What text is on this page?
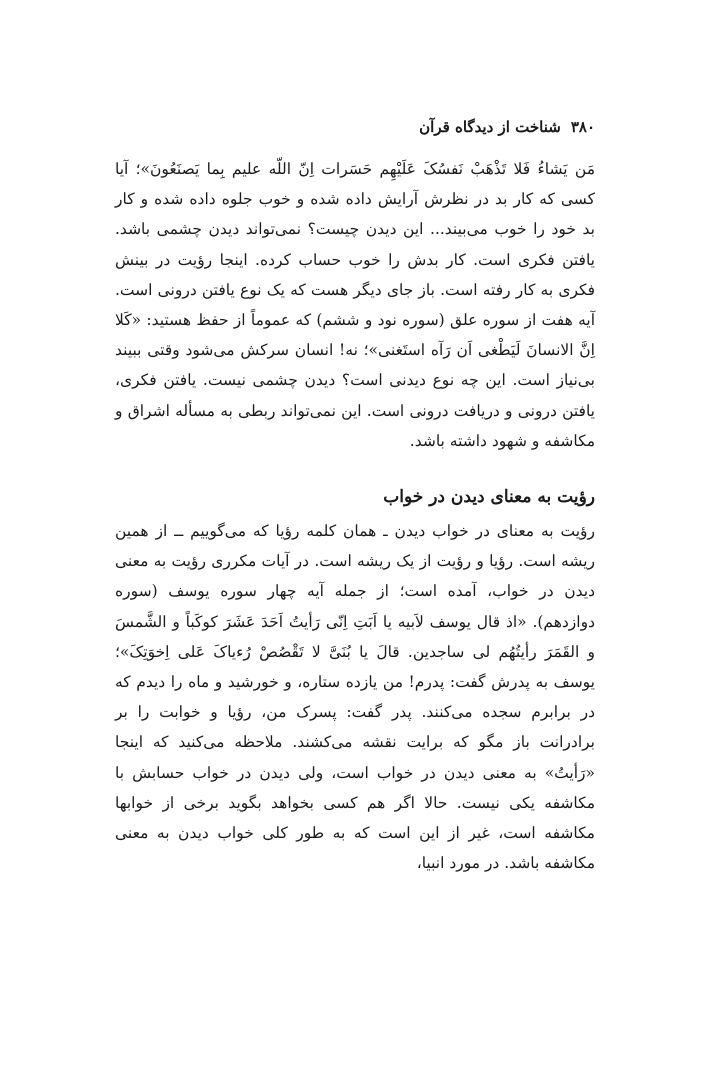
۳۸۰
شناخت از دیدگاه قرآن

مَن یَشاءُ فَلا تَذْهَبْ نَفسُکَ عَلَیْهِم حَسَرات اِنّ اللّه علیم بِما یَصنَعُونَ»؛ آیا کسی که کار بد در نظرش آرایش داده شده و خوب جلوه داده شده و کار بد خود را خوب می‌بیند... این دیدن چیست؟ نمی‌تواند دیدن چشمی باشد. یافتن فکری است. کار بدش را خوب حساب کرده. اینجا رؤیت در بینش فکری به کار رفته است. باز جای دیگر هست که یک نوع یافتن درونی است. آیه هفت از سوره علق (سوره نود و ششم) که عموماً از حفظ هستید: «کَلا اِنَّ الانسانَ لَیَطْغی اَن رَآه استَغنی»؛ نه! انسان سرکش می‌شود وقتی ببیند بی‌نیاز است. این چه نوع دیدنی است؟ دیدن چشمی نیست. یافتن فکری، یافتن درونی و دریافت درونی است. این نمی‌تواند ربطی به مسأله اشراق و مکاشفه و شهود داشته باشد.

رؤیت به معنای دیدن در خواب

رؤیت به معنای در خواب دیدن ـ همان کلمه رؤیا که می‌گوییم ــ از همین ریشه است. رؤیا و رؤیت از یک ریشه است. در آیات مکرری رؤیت به معنی دیدن در خواب، آمده است؛ از جمله آیه چهار سوره یوسف (سوره دوازدهم). «اذ قال یوسف لاَبیه یا اَبَتِ اِنّی رَأیتُ اَحَدَ عَشَرَ کوکَباً و الشَّمسَ و القَمَرَ رأیتُهُم لی ساجدین. قالَ یا بُنَیَّ لا تَقْصُصْ رُءیاکَ عَلی اِخوَتِکَ»؛ یوسف به پدرش گفت: پدرم! من یازده ستاره، و خورشید و ماه را دیدم که در برابرم سجده می‌کنند. پدر گفت: پسرک من، رؤیا و خوابت را بر برادرانت باز مگو که برایت نقشه می‌کشند. ملاحظه می‌کنید که اینجا «رَأیتُ» به معنی دیدن در خواب است، ولی دیدن در خواب حسابش با مکاشفه یکی نیست. حالا اگر هم کسی بخواهد بگوید برخی از خوابها مکاشفه است، غیر از این است که به طور کلی خواب دیدن به معنی مکاشفه باشد. در مورد انبیا،
